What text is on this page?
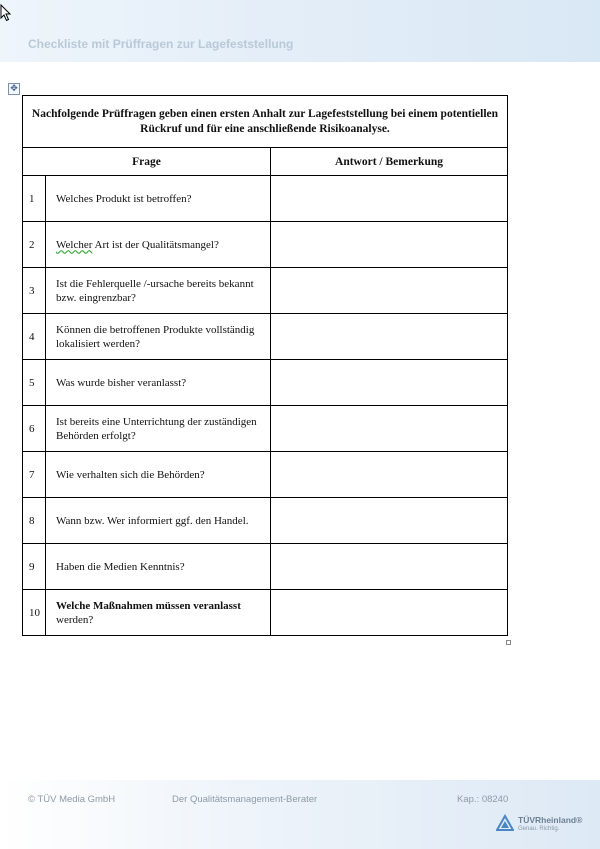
Checkliste mit Prüffragen zur Lagefeststellung
✥
Nachfolgende Prüffragen geben einen ersten Anhalt zur Lagefeststellung bei einem potentiellen Rückruf und für eine anschließende Risikoanalyse.		
Frage		Antwort / Bemerkung
1	Welches Produkt ist betroffen?	
2	Welcher Art ist der Qualitätsmangel?	
3	Ist die Fehlerquelle /-ursache bereits bekannt bzw. eingrenzbar?	
4	Können die betroffenen Produkte vollständig lokalisiert werden?	
5	Was wurde bisher veranlasst?	
6	Ist bereits eine Unterrichtung der zuständigen Behörden erfolgt?	
7	Wie verhalten sich die Behörden?	
8	Wann bzw. Wer informiert ggf. den Handel.	
9	Haben die Medien Kenntnis?	
10	Welche Maßnahmen müssen veranlasst werden?	
© TÜV Media GmbH	Der Qualitätsmanagement-Berater	Kap.: 08240
TÜVRheinland®
Genau. Richtig.
